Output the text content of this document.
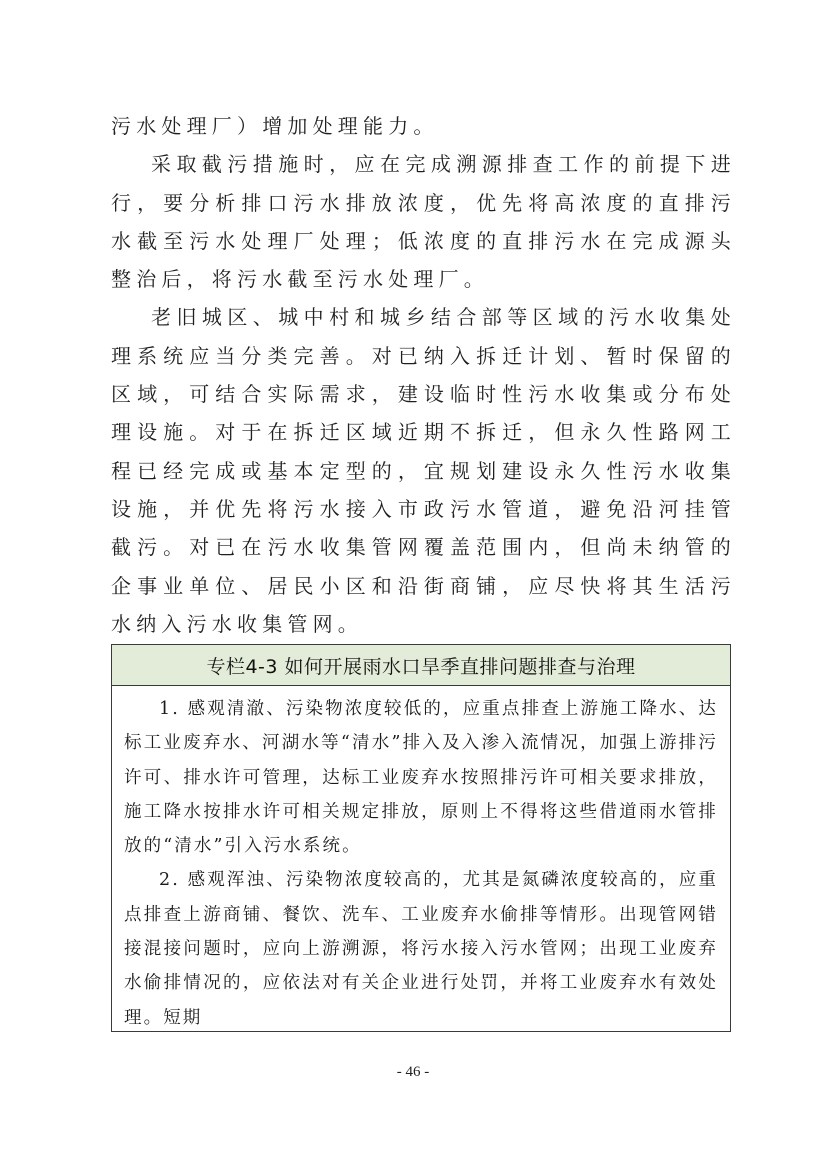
污水处理厂）增加处理能力。

采取截污措施时，应在完成溯源排查工作的前提下进行，要分析排口污水排放浓度，优先将高浓度的直排污水截至污水处理厂处理；低浓度的直排污水在完成源头整治后，将污水截至污水处理厂。

老旧城区、城中村和城乡结合部等区域的污水收集处理系统应当分类完善。对已纳入拆迁计划、暂时保留的区域，可结合实际需求，建设临时性污水收集或分布处理设施。对于在拆迁区域近期不拆迁，但永久性路网工程已经完成或基本定型的，宜规划建设永久性污水收集设施，并优先将污水接入市政污水管道，避免沿河挂管截污。对已在污水收集管网覆盖范围内，但尚未纳管的企事业单位、居民小区和沿街商铺，应尽快将其生活污水纳入污水收集管网。

专栏4-3 如何开展雨水口旱季直排问题排查与治理

1. 感观清澈、污染物浓度较低的，应重点排查上游施工降水、达标工业废弃水、河湖水等“清水”排入及入渗入流情况，加强上游排污许可、排水许可管理，达标工业废弃水按照排污许可相关要求排放，施工降水按排水许可相关规定排放，原则上不得将这些借道雨水管排放的“清水”引入污水系统。

2. 感观浑浊、污染物浓度较高的，尤其是氮磷浓度较高的，应重点排查上游商铺、餐饮、洗车、工业废弃水偷排等情形。出现管网错接混接问题时，应向上游溯源，将污水接入污水管网；出现工业废弃水偷排情况的，应依法对有关企业进行处罚，并将工业废弃水有效处理。短期

- 46 -
